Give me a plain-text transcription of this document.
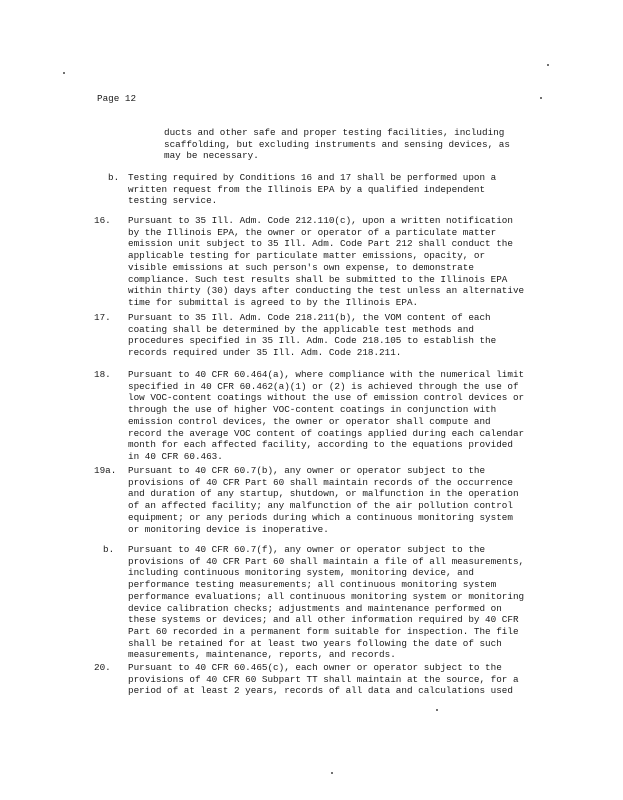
Page 12
ducts and other safe and proper testing facilities, including
scaffolding, but excluding instruments and sensing devices, as
may be necessary.
b. Testing required by Conditions 16 and 17 shall be performed upon a
written request from the Illinois EPA by a qualified independent
testing service.
16.	Pursuant to 35 Ill. Adm. Code 212.110(c), upon a written notification
by the Illinois EPA, the owner or operator of a particulate matter
emission unit subject to 35 Ill. Adm. Code Part 212 shall conduct the
applicable testing for particulate matter emissions, opacity, or
visible emissions at such person's own expense, to demonstrate
compliance. Such test results shall be submitted to the Illinois EPA
within thirty (30) days after conducting the test unless an alternative
time for submittal is agreed to by the Illinois EPA.
17.	Pursuant to 35 Ill. Adm. Code 218.211(b), the VOM content of each
coating shall be determined by the applicable test methods and
procedures specified in 35 Ill. Adm. Code 218.105 to establish the
records required under 35 Ill. Adm. Code 218.211.
18.	Pursuant to 40 CFR 60.464(a), where compliance with the numerical limit
specified in 40 CFR 60.462(a)(1) or (2) is achieved through the use of
low VOC-content coatings without the use of emission control devices or
through the use of higher VOC-content coatings in conjunction with
emission control devices, the owner or operator shall compute and
record the average VOC content of coatings applied during each calendar
month for each affected facility, according to the equations provided
in 40 CFR 60.463.
19a.	Pursuant to 40 CFR 60.7(b), any owner or operator subject to the
provisions of 40 CFR Part 60 shall maintain records of the occurrence
and duration of any startup, shutdown, or malfunction in the operation
of an affected facility; any malfunction of the air pollution control
equipment; or any periods during which a continuous monitoring system
or monitoring device is inoperative.
b.	Pursuant to 40 CFR 60.7(f), any owner or operator subject to the
provisions of 40 CFR Part 60 shall maintain a file of all measurements,
including continuous monitoring system, monitoring device, and
performance testing measurements; all continuous monitoring system
performance evaluations; all continuous monitoring system or monitoring
device calibration checks; adjustments and maintenance performed on
these systems or devices; and all other information required by 40 CFR
Part 60 recorded in a permanent form suitable for inspection. The file
shall be retained for at least two years following the date of such
measurements, maintenance, reports, and records.
20.	Pursuant to 40 CFR 60.465(c), each owner or operator subject to the
provisions of 40 CFR 60 Subpart TT shall maintain at the source, for a
period of at least 2 years, records of all data and calculations used
